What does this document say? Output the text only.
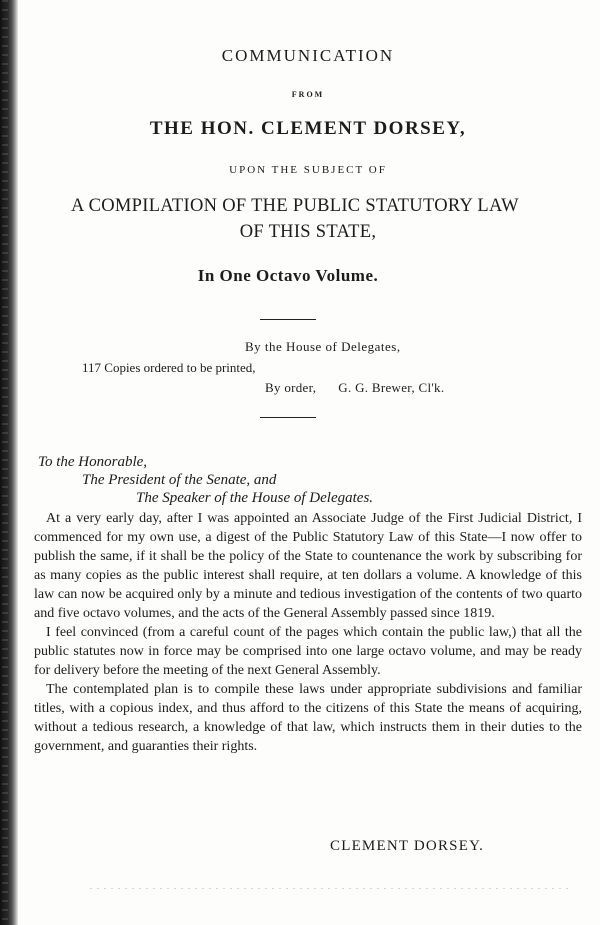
COMMUNICATION
FROM
THE HON. CLEMENT DORSEY,
UPON THE SUBJECT OF
A COMPILATION OF THE PUBLIC STATUTORY LAW
OF THIS STATE,
In One Octavo Volume.
By the House of Delegates,
117 Copies ordered to be printed,
By order, G. G. Brewer, Cl'k.
To the Honorable,
The President of the Senate, and
The Speaker of the House of Delegates.

At a very early day, after I was appointed an Associate Judge of the First Judicial District, I commenced for my own use, a digest of the Public Statutory Law of this State—I now offer to publish the same, if it shall be the policy of the State to countenance the work by subscribing for as many copies as the public interest shall require, at ten dollars a volume. A knowledge of this law can now be acquired only by a minute and tedious investigation of the contents of two quarto and five octavo volumes, and the acts of the General Assembly passed since 1819.

I feel convinced (from a careful count of the pages which contain the public law,) that all the public statutes now in force may be comprised into one large octavo volume, and may be ready for delivery before the meeting of the next General Assembly.

The contemplated plan is to compile these laws under appropriate subdivisions and familiar titles, with a copious index, and thus afford to the citizens of this State the means of acquiring, without a tedious research, a knowledge of that law, which instructs them in their duties to the government, and guaranties their rights.

CLEMENT DORSEY.
